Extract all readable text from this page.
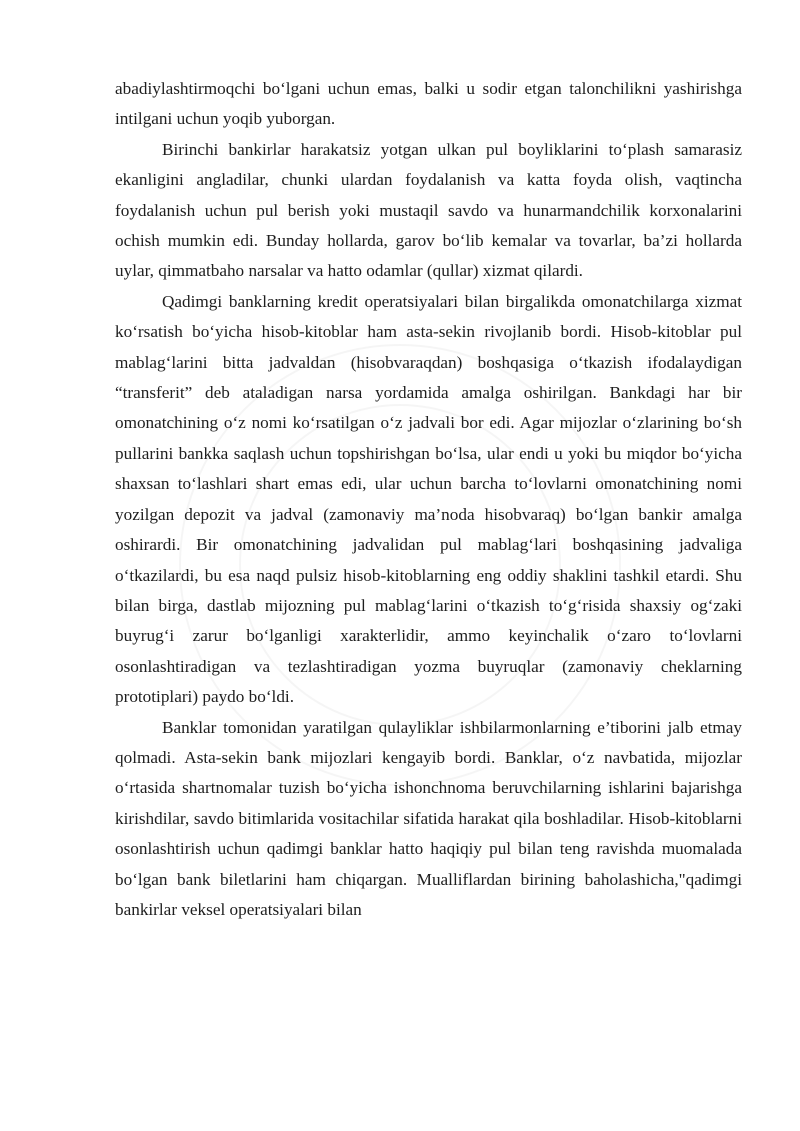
abadiylashtirmoqchi bo‘lgani uchun emas, balki u sodir etgan talonchilikni yashirishga intilgani uchun yoqib yuborgan.

Birinchi bankirlar harakatsiz yotgan ulkan pul boyliklarini to‘plash samarasiz ekanligini angladilar, chunki ulardan foydalanish va katta foyda olish, vaqtincha foydalanish uchun pul berish yoki mustaqil savdo va hunarmandchilik korxonalarini ochish mumkin edi. Bunday hollarda, garov bo‘lib kemalar va tovarlar, ba’zi hollarda uylar, qimmatbaho narsalar va hatto odamlar (qullar) xizmat qilardi.

Qadimgi banklarning kredit operatsiyalari bilan birgalikda omonatchilarga xizmat ko‘rsatish bo‘yicha hisob-kitoblar ham asta-sekin rivojlanib bordi. Hisob-kitoblar pul mablag‘larini bitta jadvaldan (hisobvaraqdan) boshqasiga o‘tkazish ifodalaydigan “transferit” deb ataladigan narsa yordamida amalga oshirilgan. Bankdagi har bir omonatchining o‘z nomi ko‘rsatilgan o‘z jadvali bor edi. Agar mijozlar o‘zlarining bo‘sh pullarini bankka saqlash uchun topshirishgan bo‘lsa, ular endi u yoki bu miqdor bo‘yicha shaxsan to‘lashlari shart emas edi, ular uchun barcha to‘lovlarni omonatchining nomi yozilgan depozit va jadval (zamonaviy ma’noda hisobvaraq) bo‘lgan bankir amalga oshirardi. Bir omonatchining jadvalidan pul mablag‘lari boshqasining jadvaliga o‘tkazilardi, bu esa naqd pulsiz hisob-kitoblarning eng oddiy shaklini tashkil etardi. Shu bilan birga, dastlab mijozning pul mablag‘larini o‘tkazish to‘g‘risida shaxsiy og‘zaki buyrug‘i zarur bo‘lganligi xarakterlidir, ammo keyinchalik o‘zaro to‘lovlarni osonlashtiradigan va tezlashtiradigan yozma buyruqlar (zamonaviy cheklarning prototiplari) paydo bo‘ldi.

Banklar tomonidan yaratilgan qulayliklar ishbilarmonlarning e’tiborini jalb etmay qolmadi. Asta-sekin bank mijozlari kengayib bordi. Banklar, o‘z navbatida, mijozlar o‘rtasida shartnomalar tuzish bo‘yicha ishonchnoma beruvchilarning ishlarini bajarishga kirishdilar, savdo bitimlarida vositachilar sifatida harakat qila boshladilar. Hisob-kitoblarni osonlashtirish uchun qadimgi banklar hatto haqiqiy pul bilan teng ravishda muomalada bo‘lgan bank biletlarini ham chiqargan. Mualliflardan birining baholashicha,"qadimgi bankirlar veksel operatsiyalari bilan
